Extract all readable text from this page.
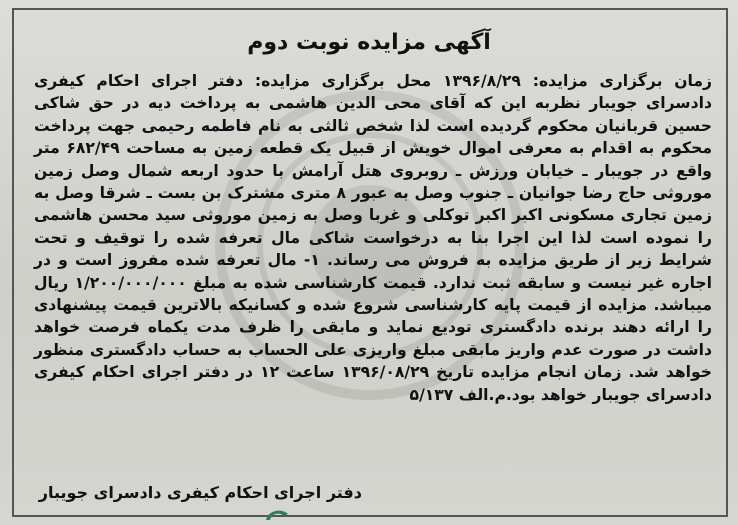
آگهی مزایده نوبت دوم

زمان برگزاری مزایده: ۱۳۹۶/۸/۲۹ محل برگزاری مزایده: دفتر اجرای احکام کیفری دادسرای جویبار نظربه این که آقای محی الدین هاشمی به پرداخت دیه در حق شاکی حسین قربانیان محکوم گردیده است لذا شخص ثالثی به نام فاطمه رحیمی جهت پرداخت محکوم به اقدام به معرفی اموال خویش از قبیل یک قطعه زمین به مساحت ۶۸۲/۴۹ متر واقع در جویبار ـ خیابان ورزش ـ روبروی هتل آرامش با حدود اربعه شمال وصل زمین موروثی حاج رضا جوانیان ـ جنوب وصل به عبور ۸ متری مشترک بن بست ـ شرقا وصل به زمین تجاری مسکونی اکبر اکبر توکلی و غربا وصل به زمین موروثی سید محسن هاشمی را نموده است لذا این اجرا بنا به درخواست شاکی مال تعرفه شده را توقیف و تحت شرایط زیر از طریق مزایده به فروش می رساند. ۱- مال تعرفه شده مفروز است و در اجاره غیر نیست و سابقه ثبت ندارد. قیمت کارشناسی شده به مبلغ ۱/۲۰۰/۰۰۰/۰۰۰ ریال میباشد. مزایده از قیمت پایه کارشناسی شروع شده و کسانیکه بالاترین قیمت پیشنهادی را ارائه دهند برنده دادگستری تودیع نماید و مابقی را ظرف مدت یکماه فرصت خواهد داشت در صورت عدم واریز مابقی مبلغ واریزی علی الحساب به حساب دادگستری منظور خواهد شد. زمان انجام مزایده تاریخ ۱۳۹۶/۰۸/۲۹ ساعت ۱۲ در دفتر اجرای احکام کیفری دادسرای جویبار خواهد بود.م.الف ۵/۱۳۷

دفتر اجرای احکام کیفری دادسرای جویبار
